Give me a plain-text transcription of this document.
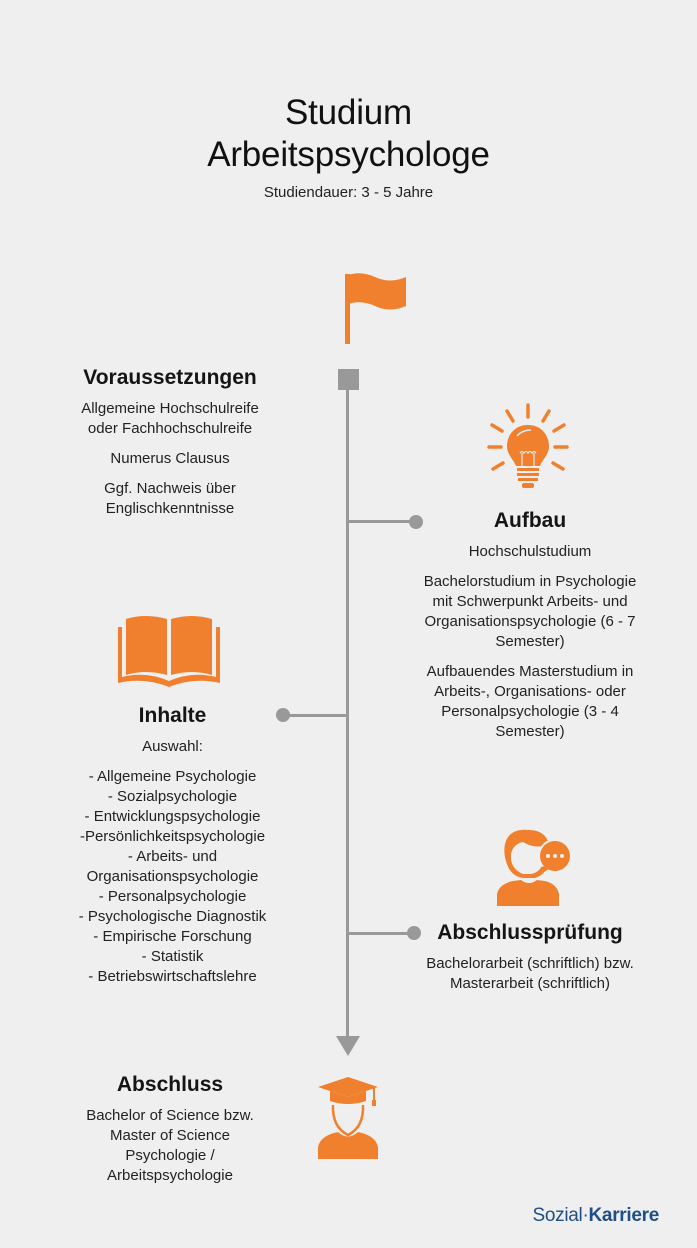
Studium
Arbeitspsychologe
Studiendauer: 3 - 5 Jahre
Voraussetzungen

Allgemeine Hochschulreife oder Fachhochschulreife

Numerus Clausus

Ggf. Nachweis über Englischkenntnisse

Aufbau

Hochschulstudium

Bachelorstudium in Psychologie mit Schwerpunkt Arbeits- und Organisationspsychologie (6 - 7 Semester)

Aufbauendes Masterstudium in Arbeits-, Organisations- oder Personalpsychologie (3 - 4 Semester)

Inhalte
Auswahl:
- Allgemeine Psychologie
- Sozialpsychologie
- Entwicklungspsychologie
-Persönlichkeitspsychologie
- Arbeits- und Organisationspsychologie
- Personalpsychologie
- Psychologische Diagnostik
- Empirische Forschung
- Statistik
- Betriebswirtschaftslehre
Abschlussprüfung

Bachelorarbeit (schriftlich) bzw. Masterarbeit (schriftlich)

Abschluss

Bachelor of Science bzw. Master of Science Psychologie / Arbeitspsychologie

Sozial·Karriere
